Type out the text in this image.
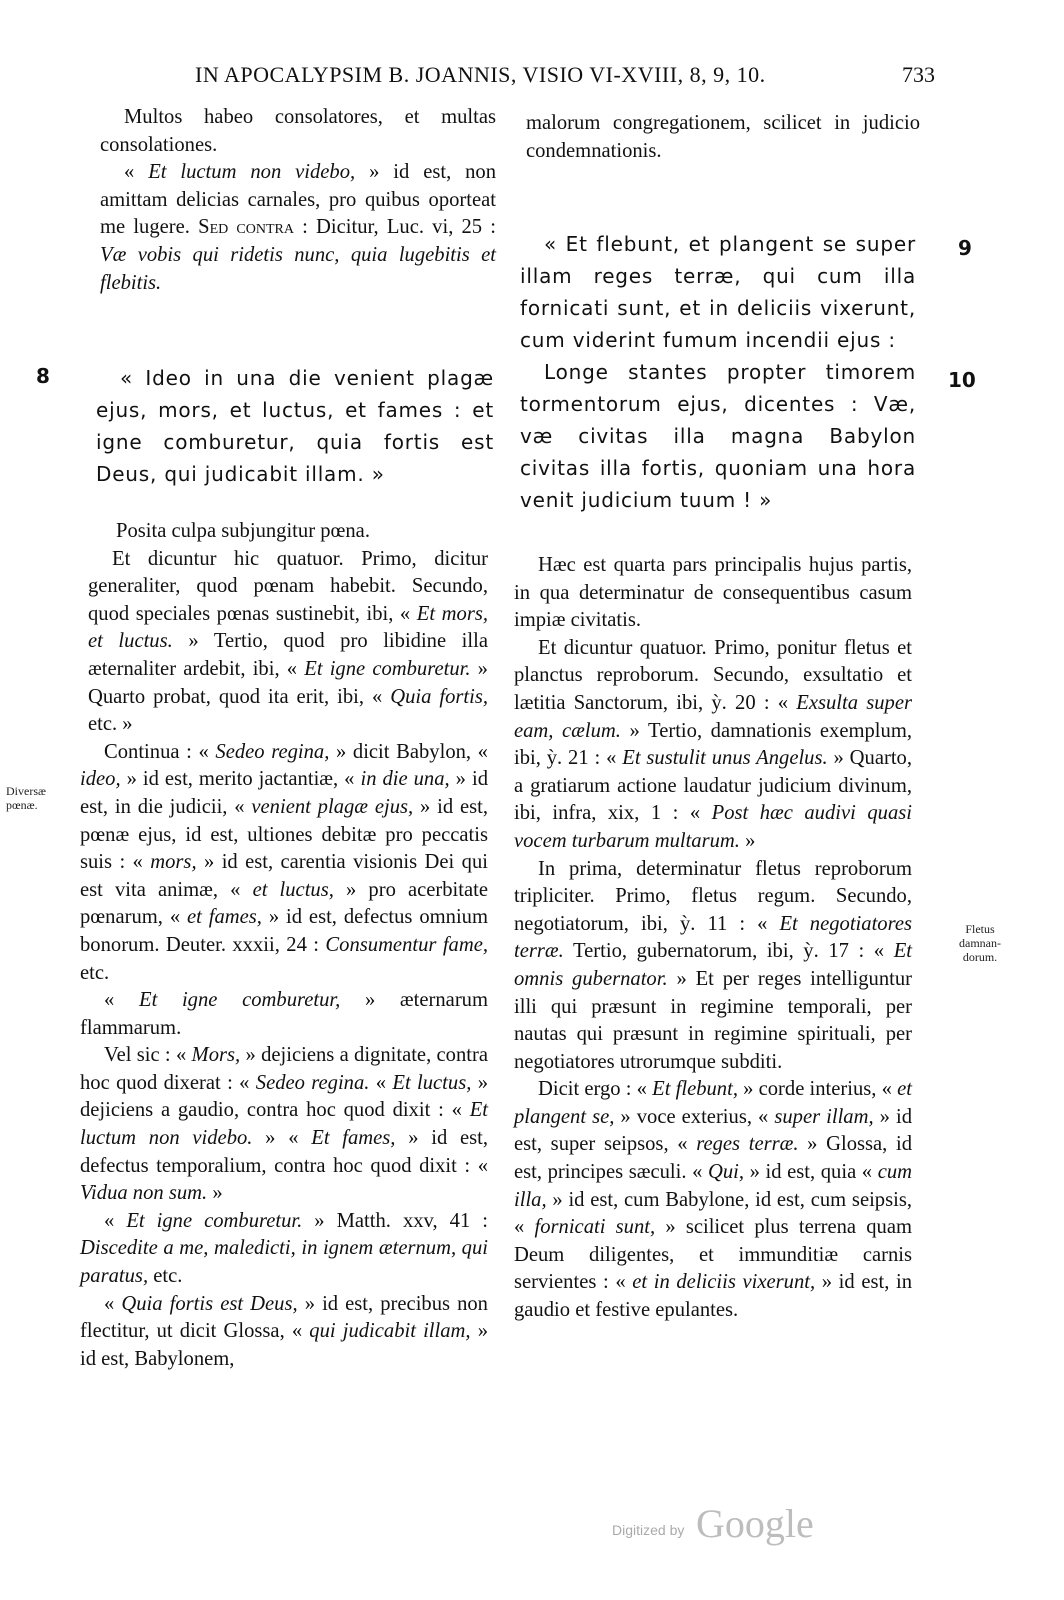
IN APOCALYPSIM B. JOANNIS, VISIO VI-XVIII, 8, 9, 10.	733

Multos habeo consolatores, et multas consolationes.

« Et luctum non videbo, » id est, non amittam delicias carnales, pro quibus oporteat me lugere. Sed contra : Dicitur, Luc. vi, 25 : Væ vobis qui ridetis nunc, quia lugebitis et flebitis.

8	« Ideo in una die venient plagæ ejus, mors, et luctus, et fames : et igne comburetur, quia fortis est Deus, qui judicabit illam. »

Posita culpa subjungitur pœna.

Et dicuntur hic quatuor. Primo, dicitur generaliter, quod pœnam habebit. Secundo, quod speciales pœnas sustinebit, ibi, « Et mors, et luctus. » Tertio, quod pro libidine illa æternaliter ardebit, ibi, « Et igne comburetur. » Quarto probat, quod ita erit, ibi, « Quia fortis, etc. »

Continua : « Sedeo regina, » dicit Babylon, « ideo, » id est, merito jactantiæ, « in die una, » id est, in die judicii, « venient plagæ ejus, » id est, pœnæ ejus, id est, ultiones debitæ pro peccatis suis : « mors, » id est, carentia visionis Dei qui est vita animæ, « et luctus, » pro acerbitate pœnarum, « et fames, » id est, defectus omnium bonorum. Deuter. xxxii, 24 : Consumentur fame, etc.

« Et igne comburetur, » æternarum flammarum.

Vel sic : « Mors, » dejiciens a dignitate, contra hoc quod dixerat : « Sedeo regina. « Et luctus, » dejiciens a gaudio, contra hoc quod dixit : « Et luctum non videbo. » « Et fames, » id est, defectus temporalium, contra hoc quod dixit : « Vidua non sum. »

« Et igne comburetur. » Matth. xxv, 41 : Discedite a me, maledicti, in ignem æternum, qui paratus, etc.

« Quia fortis est Deus, » id est, precibus non flectitur, ut dicit Glossa, « qui judicabit illam, » id est, Babylonem,

Diversæ
pœnæ.

malorum congregationem, scilicet in judicio condemnationis.

9
10

« Et flebunt, et plangent se super illam reges terræ, qui cum illa fornicati sunt, et in deliciis vixerunt, cum viderint fumum incendii ejus :

Longe stantes propter timorem tormentorum ejus, dicentes : Væ, væ civitas illa magna Babylon civitas illa fortis, quoniam una hora venit judicium tuum ! »

Hæc est quarta pars principalis hujus partis, in qua determinatur de consequentibus casum impiæ civitatis.

Et dicuntur quatuor. Primo, ponitur fletus et planctus reproborum. Secundo, exsultatio et lætitia Sanctorum, ibi, ỳ. 20 : « Exsulta super eam, cælum. » Tertio, damnationis exemplum, ibi, ỳ. 21 : « Et sustulit unus Angelus. » Quarto, a gratiarum actione laudatur judicium divinum, ibi, infra, xix, 1 : « Post hæc audivi quasi vocem turbarum multarum. »

In prima, determinatur fletus reproborum tripliciter. Primo, fletus regum. Secundo, negotiatorum, ibi, ỳ. 11 : « Et negotiatores terræ. Tertio, gubernatorum, ibi, ỳ. 17 : « Et omnis gubernator. » Et per reges intelliguntur illi qui præsunt in regimine temporali, per nautas qui præsunt in regimine spirituali, per negotiatores utrorumque subditi.

Dicit ergo : « Et flebunt, » corde interius, « et plangent se, » voce exterius, « super illam, » id est, super seipsos, « reges terræ. » Glossa, id est, principes sæculi. « Qui, » id est, quia « cum illa, » id est, cum Babylone, id est, cum seipsis, « fornicati sunt, » scilicet plus terrena quam Deum diligentes, et immunditiæ carnis servientes : « et in deliciis vixerunt, » id est, in gaudio et festive epulantes.

Fletus
damnan-
dorum.
Digitized by Google
